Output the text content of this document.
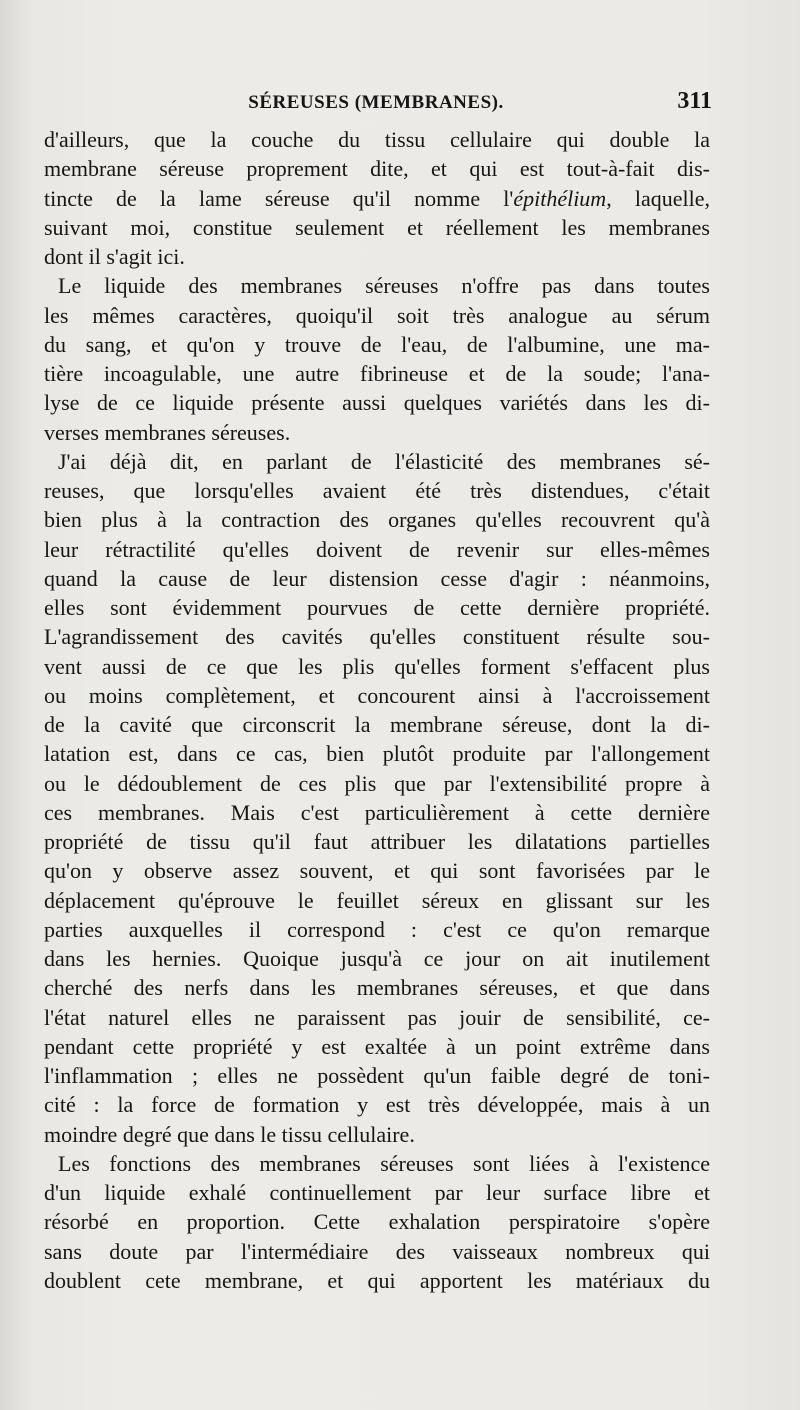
SÉREUSES (MEMBRANES).	311
d'ailleurs, que la couche du tissu cellulaire qui double la
membrane séreuse proprement dite, et qui est tout-à-fait dis-
tincte de la lame séreuse qu'il nomme l'épithélium, laquelle,
suivant moi, constitue seulement et réellement les membranes
dont il s'agit ici.
Le liquide des membranes séreuses n'offre pas dans toutes
les mêmes caractères, quoiqu'il soit très analogue au sérum
du sang, et qu'on y trouve de l'eau, de l'albumine, une ma-
tière incoagulable, une autre fibrineuse et de la soude; l'ana-
lyse de ce liquide présente aussi quelques variétés dans les di-
verses membranes séreuses.
J'ai déjà dit, en parlant de l'élasticité des membranes sé-
reuses, que lorsqu'elles avaient été très distendues, c'était
bien plus à la contraction des organes qu'elles recouvrent qu'à
leur rétractilité qu'elles doivent de revenir sur elles-mêmes
quand la cause de leur distension cesse d'agir : néanmoins,
elles sont évidemment pourvues de cette dernière propriété.
L'agrandissement des cavités qu'elles constituent résulte sou-
vent aussi de ce que les plis qu'elles forment s'effacent plus
ou moins complètement, et concourent ainsi à l'accroissement
de la cavité que circonscrit la membrane séreuse, dont la di-
latation est, dans ce cas, bien plutôt produite par l'allongement
ou le dédoublement de ces plis que par l'extensibilité propre à
ces membranes. Mais c'est particulièrement à cette dernière
propriété de tissu qu'il faut attribuer les dilatations partielles
qu'on y observe assez souvent, et qui sont favorisées par le
déplacement qu'éprouve le feuillet séreux en glissant sur les
parties auxquelles il correspond : c'est ce qu'on remarque
dans les hernies. Quoique jusqu'à ce jour on ait inutilement
cherché des nerfs dans les membranes séreuses, et que dans
l'état naturel elles ne paraissent pas jouir de sensibilité, ce-
pendant cette propriété y est exaltée à un point extrême dans
l'inflammation ; elles ne possèdent qu'un faible degré de toni-
cité : la force de formation y est très développée, mais à un
moindre degré que dans le tissu cellulaire.
Les fonctions des membranes séreuses sont liées à l'existence
d'un liquide exhalé continuellement par leur surface libre et
résorbé en proportion. Cette exhalation perspiratoire s'opère
sans doute par l'intermédiaire des vaisseaux nombreux qui
doublent cete membrane, et qui apportent les matériaux du
